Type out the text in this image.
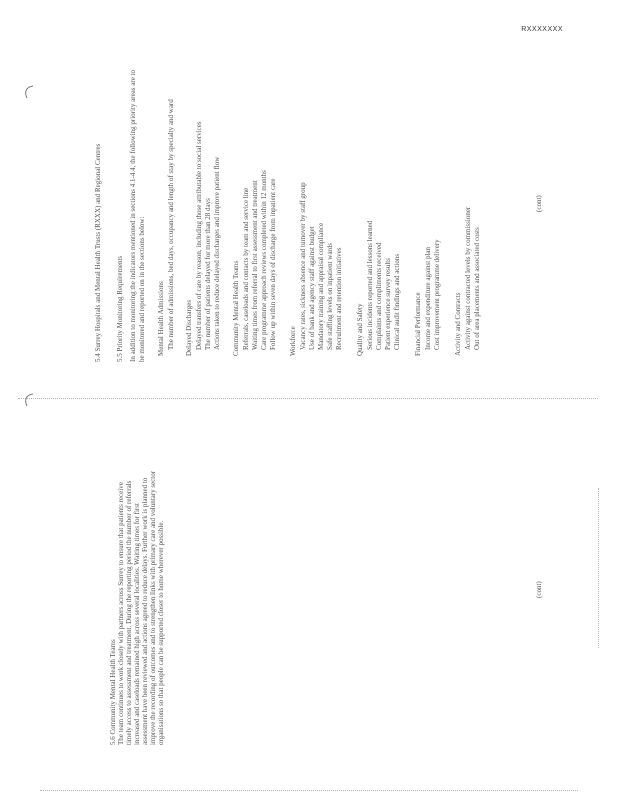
RXXXXXXX
(cont)
5.4 Surrey Hospitals and Mental Health Trusts (RXXX) and Regional Centres 5.5 Priority Monitoring Requirements In addition to monitoring the indicators mentioned in sections 4.1-4.4, the following priority areas are to be monitored and reported on in the sections below: Mental Health Admissions The number of admissions, bed days, occupancy and length of stay by specialty and ward Delayed Discharges Delayed transfers of care by reason, including those attributable to social services The number of patients delayed for more than 28 days Actions taken to reduce delayed discharges and improve patient flow Community Mental Health Teams Referrals, caseloads and contacts by team and service line Waiting times from referral to first assessment and treatment Care programme approach reviews completed within 12 months Follow up within seven days of discharge from inpatient care Workforce Vacancy rates, sickness absence and turnover by staff group Use of bank and agency staff against budget Mandatory training and appraisal compliance Safe staffing levels on inpatient wards Recruitment and retention initiatives Quality and Safety Serious incidents reported and lessons learned Complaints and compliments received Patient experience survey results Clinical audit findings and actions Financial Performance Income and expenditure against plan Cost improvement programme delivery Activity and Contracts Activity against contracted levels by commissioner Out of area placements and associated costs
(cont)
5.6 Community Mental Health Teams The team continues to work closely with partners across Surrey to ensure that patients receive timely access to assessment and treatment. During the reporting period the number of referrals increased and caseloads remained high across several localities. Waiting times for first assessment have been reviewed and actions agreed to reduce delays. Further work is planned to improve the recording of outcomes and to strengthen links with primary care and voluntary sector organisations so that people can be supported closer to home wherever possible.
